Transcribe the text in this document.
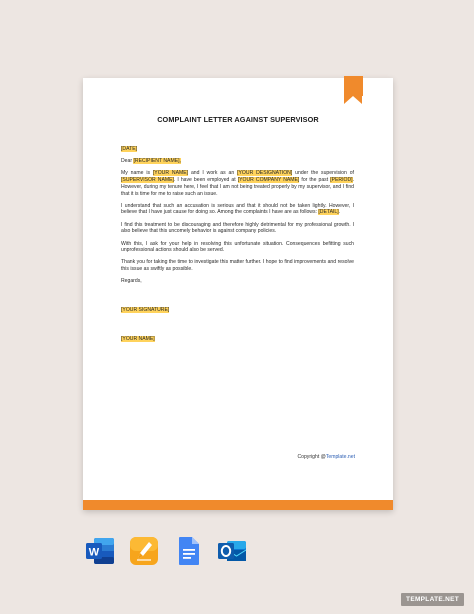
COMPLAINT LETTER AGAINST SUPERVISOR

[DATE]

Dear [RECIPIENT NAME],

My name is [YOUR NAME] and I work as an [YOUR DESIGNATION] under the supervision of [SUPERVISOR NAME]. I have been employed at [YOUR COMPANY NAME] for the past [PERIOD]. However, during my tenure here, I feel that I am not being treated properly by my supervisor, and I find that it is time for me to raise such an issue.

I understand that such an accusation is serious and that it should not be taken lightly. However, I believe that I have just cause for doing so. Among the complaints I have are as follows: [DETAIL].

I find this treatment to be discouraging and therefore highly detrimental for my professional growth. I also believe that this uncomely behavior is against company policies.

With this, I ask for your help in resolving this unfortunate situation. Consequences befitting such unprofessional actions should also be served.

Thank you for taking the time to investigate this matter further. I hope to find improvements and resolve this issue as swiftly as possible.

Regards,

[YOUR SIGNATURE]

[YOUR NAME]

Copyright @Template.net
W
TEMPLATE.NET
